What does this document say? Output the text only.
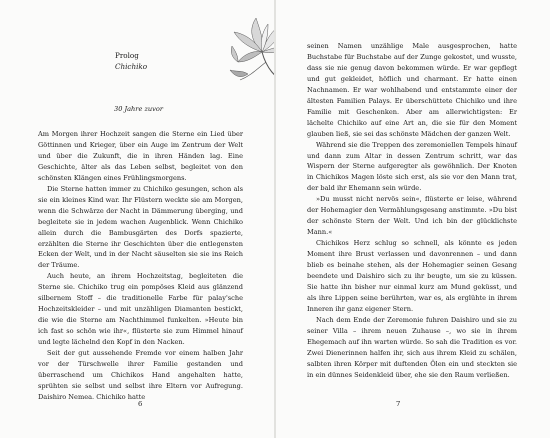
Prolog
Chichiko
30 Jahre zuvor

Am Morgen ihrer Hochzeit sangen die Sterne ein Lied über Göttinnen und Krieger, über ein Auge im Zentrum der Welt und über die Zukunft, die in ihren Händen lag. Eine Geschichte, älter als das Leben selbst, begleitet von den schönsten Klängen eines Frühlingsmorgens.

Die Sterne hatten immer zu Chichiko gesungen, schon als sie ein kleines Kind war. Ihr Flüstern weckte sie am Morgen, wenn die Schwärze der Nacht in Dämmerung überging, und begleitete sie in jedem wachen Augenblick. Wenn Chichiko allein durch die Bambusgärten des Dorfs spazierte, erzählten die Sterne ihr Geschichten über die entlegensten Ecken der Welt, und in der Nacht säuselten sie sie ins Reich der Träume.

Auch heute, an ihrem Hochzeitstag, begleiteten die Sterne sie. Chichiko trug ein pompöses Kleid aus glänzend silbernem Stoff – die traditionelle Farbe für palay'sche Hochzeitskleider – und mit unzähligen Diamanten bestickt, die wie die Sterne am Nachthimmel funkelten. »Heute bin ich fast so schön wie ihr«, flüsterte sie zum Himmel hinauf und legte lächelnd den Kopf in den Nacken.

Seit der gut aussehende Fremde vor einem halben Jahr vor der Türschwelle ihrer Familie gestanden und überraschend um Chichikos Hand angehalten hatte, sprühten sie selbst und selbst ihre Eltern vor Aufregung. Daishiro Nemea. Chichiko hatte

6

seinen Namen unzählige Male ausgesprochen, hatte Buchstabe für Buchstabe auf der Zunge gekostet, und wusste, dass sie nie genug davon bekommen würde. Er war gepflegt und gut gekleidet, höflich und charmant. Er hatte einen Nachnamen. Er war wohlhabend und entstammte einer der ältesten Familien Palays. Er überschüttete Chichiko und ihre Familie mit Geschenken. Aber am allerwichtigsten: Er lächelte Chichiko auf eine Art an, die sie für den Moment glauben ließ, sie sei das schönste Mädchen der ganzen Welt.

Während sie die Treppen des zeremoniellen Tempels hinauf und dann zum Altar in dessen Zentrum schritt, war das Wispern der Sterne aufgeregter als gewöhnlich. Der Knoten in Chichikos Magen löste sich erst, als sie vor den Mann trat, der bald ihr Ehemann sein würde.

»Du musst nicht nervös sein«, flüsterte er leise, während der Hohemagier den Vermählungsgesang anstimmte. »Du bist der schönste Stern der Welt. Und ich bin der glücklichste Mann.«

Chichikos Herz schlug so schnell, als könnte es jeden Moment ihre Brust verlassen und davonrennen – und dann blieb es beinahe stehen, als der Hohemagier seinen Gesang beendete und Daishiro sich zu ihr beugte, um sie zu küssen. Sie hatte ihn bisher nur einmal kurz am Mund geküsst, und als ihre Lippen seine berührten, war es, als erglühte in ihrem Inneren ihr ganz eigener Stern.

Nach dem Ende der Zeremonie fuhren Daishiro und sie zu seiner Villa – ihrem neuen Zuhause –, wo sie in ihrem Ehegemach auf ihn warten würde. So sah die Tradition es vor. Zwei Dienerinnen halfen ihr, sich aus ihrem Kleid zu schälen, salbten ihren Körper mit duftenden Ölen ein und steckten sie in ein dünnes Seidenkleid über, ehe sie den Raum verließen.

7
